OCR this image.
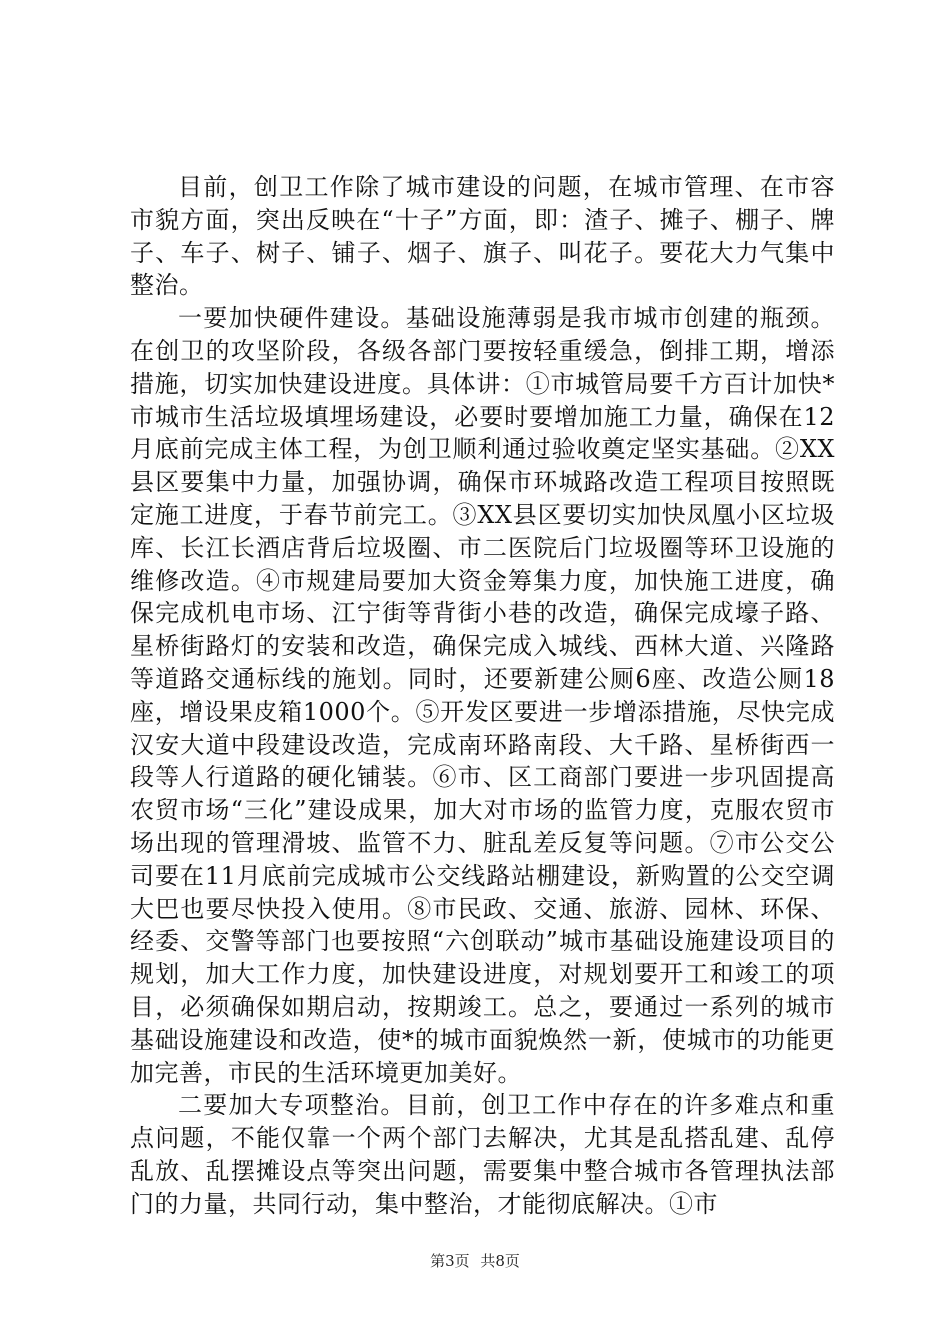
目前，创卫工作除了城市建设的问题，在城市管理、在市容市貌方面，突出反映在“十子”方面，即：渣子、摊子、棚子、牌子、车子、树子、铺子、烟子、旗子、叫花子。要花大力气集中整治。

一要加快硬件建设。基础设施薄弱是我市城市创建的瓶颈。在创卫的攻坚阶段，各级各部门要按轻重缓急，倒排工期，增添措施，切实加快建设进度。具体讲：①市城管局要千方百计加快*市城市生活垃圾填埋场建设，必要时要增加施工力量，确保在12月底前完成主体工程，为创卫顺利通过验收奠定坚实基础。②XX县区要集中力量，加强协调，确保市环城路改造工程项目按照既定施工进度，于春节前完工。③XX县区要切实加快凤凰小区垃圾库、长江长酒店背后垃圾圈、市二医院后门垃圾圈等环卫设施的维修改造。④市规建局要加大资金筹集力度，加快施工进度，确保完成机电市场、江宁街等背街小巷的改造，确保完成壕子路、星桥街路灯的安装和改造，确保完成入城线、西林大道、兴隆路等道路交通标线的施划。同时，还要新建公厕6座、改造公厕18座，增设果皮箱1000个。⑤开发区要进一步增添措施，尽快完成汉安大道中段建设改造，完成南环路南段、大千路、星桥街西一段等人行道路的硬化铺装。⑥市、区工商部门要进一步巩固提高农贸市场“三化”建设成果，加大对市场的监管力度，克服农贸市场出现的管理滑坡、监管不力、脏乱差反复等问题。⑦市公交公司要在11月底前完成城市公交线路站棚建设，新购置的公交空调大巴也要尽快投入使用。⑧市民政、交通、旅游、园林、环保、经委、交警等部门也要按照“六创联动”城市基础设施建设项目的规划，加大工作力度，加快建设进度，对规划要开工和竣工的项目，必须确保如期启动，按期竣工。总之，要通过一系列的城市基础设施建设和改造，使*的城市面貌焕然一新，使城市的功能更加完善，市民的生活环境更加美好。

二要加大专项整治。目前，创卫工作中存在的许多难点和重点问题，不能仅靠一个两个部门去解决，尤其是乱搭乱建、乱停乱放、乱摆摊设点等突出问题，需要集中整合城市各管理执法部门的力量，共同行动，集中整治，才能彻底解决。①市

第3页 共8页
